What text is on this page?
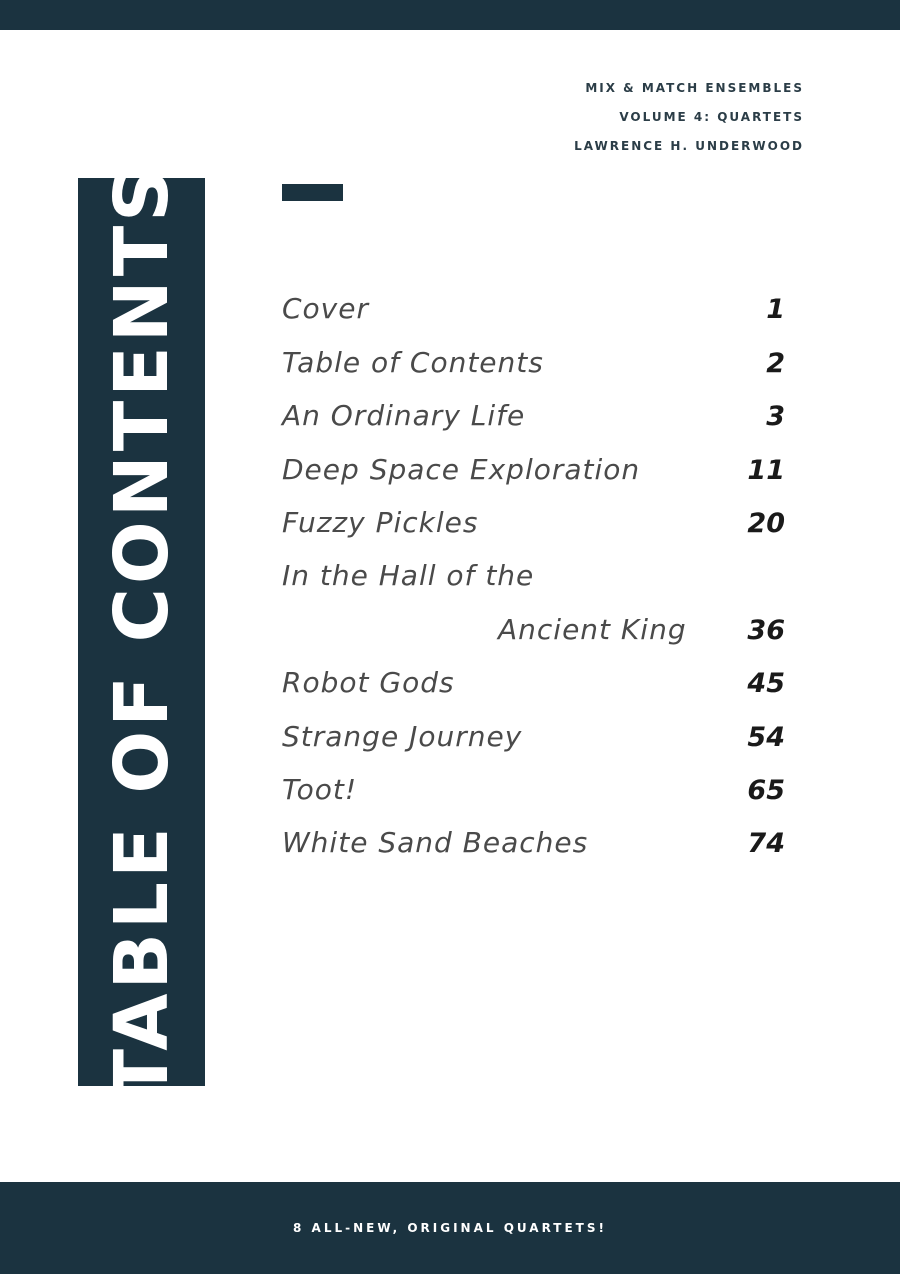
MIX & MATCH ENSEMBLES
VOLUME 4: QUARTETS
LAWRENCE H. UNDERWOOD
TABLE OF CONTENTS	Cover	1
Table of Contents	2
An Ordinary Life	3
Deep Space Exploration	11
Fuzzy Pickles	20
In the Hall of the
Ancient King 36
Robot Gods	45
Strange Journey	54
Toot!	65
White Sand Beaches	74
8 ALL-NEW, ORIGINAL QUARTETS!
